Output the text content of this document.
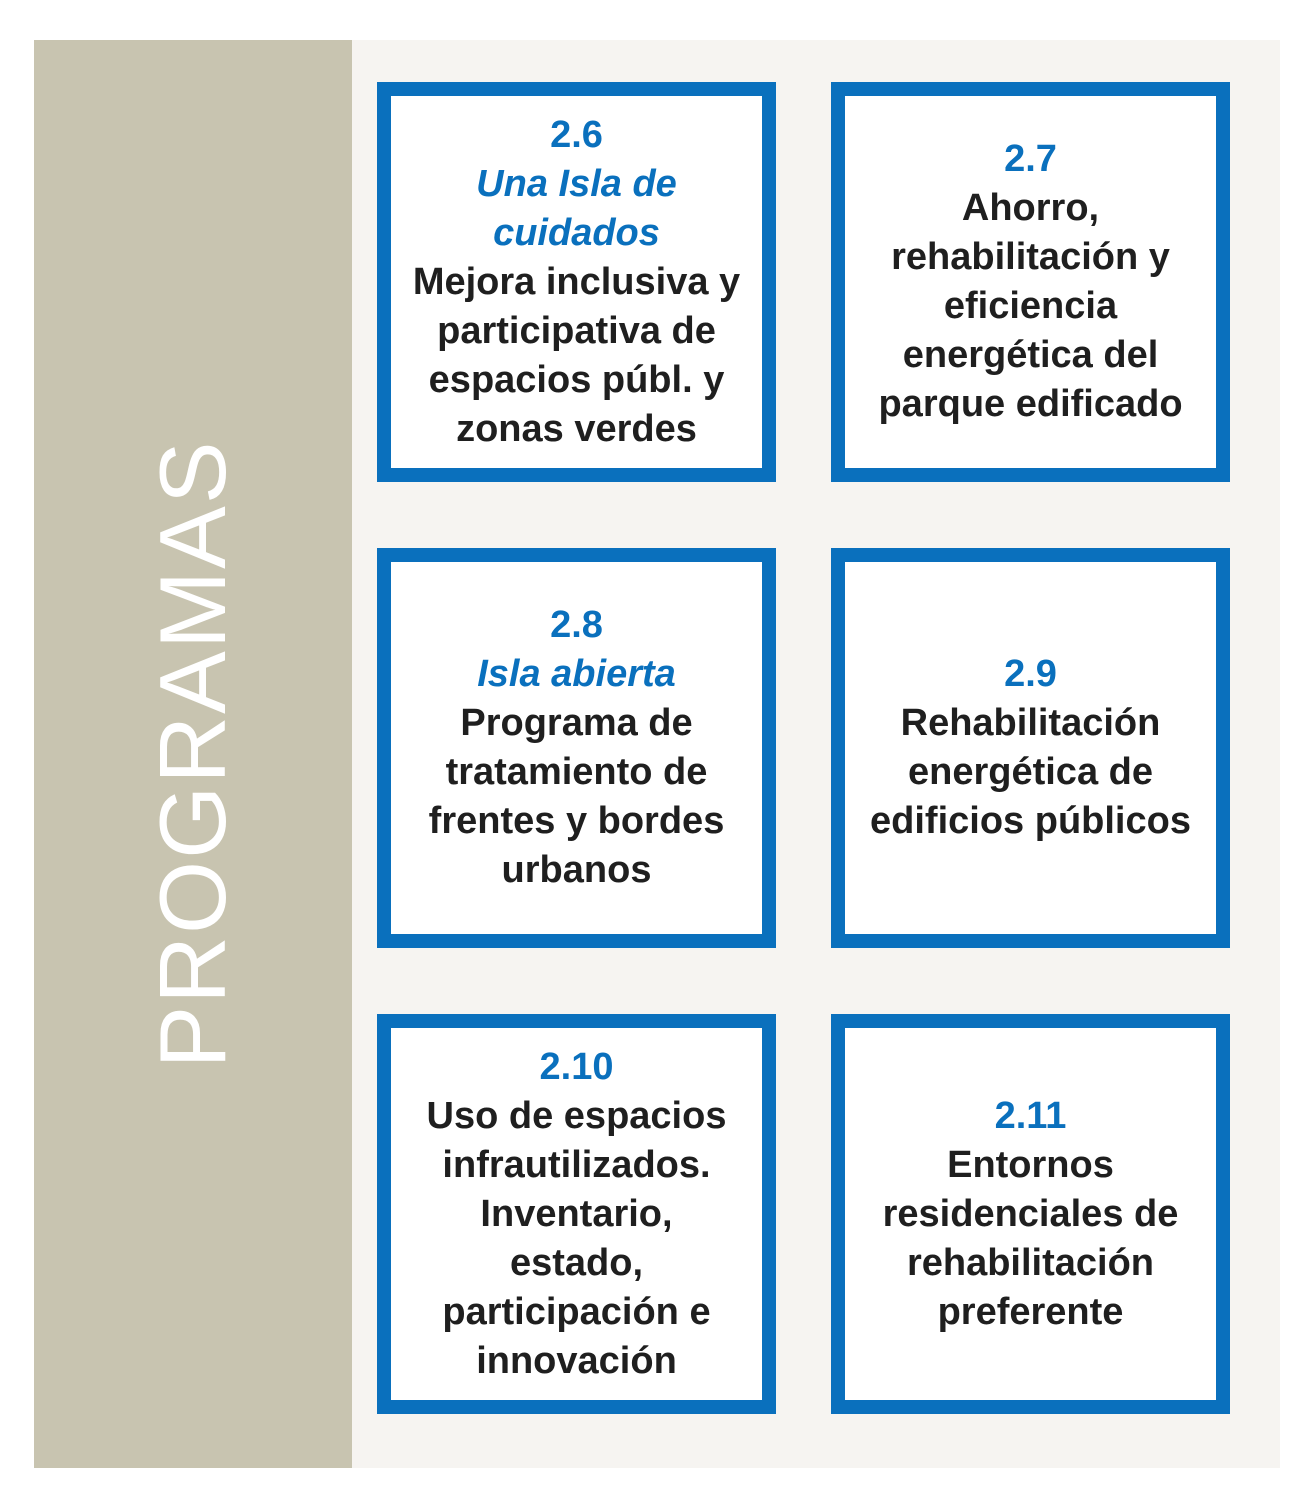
PROGRAMAS
2.6
Una Isla de
cuidados
Mejora inclusiva y
participativa de
espacios públ. y
zonas verdes
2.7
Ahorro,
rehabilitación y
eficiencia
energética del
parque edificado
2.8
Isla abierta
Programa de
tratamiento de
frentes y bordes
urbanos
2.9
Rehabilitación
energética de
edificios públicos
2.10
Uso de espacios
infrautilizados.
Inventario,
estado,
participación e
innovación
2.11
Entornos
residenciales de
rehabilitación
preferente
